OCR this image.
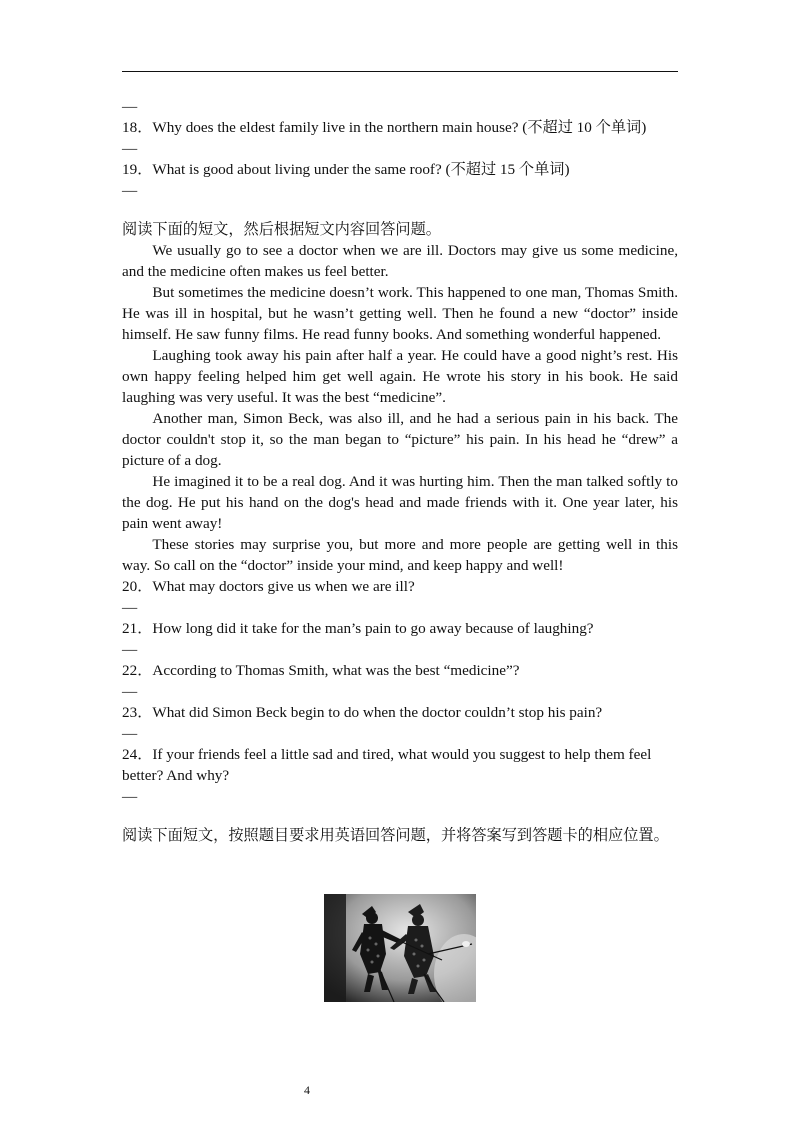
—

18．Why does the eldest family live in the northern main house? (不超过 10 个单词)

—

19．What is good about living under the same roof? (不超过 15 个单词)

—

阅读下面的短文，然后根据短文内容回答问题。

We usually go to see a doctor when we are ill. Doctors may give us some medicine, and the medicine often makes us feel better.

But sometimes the medicine doesn’t work. This happened to one man, Thomas Smith. He was ill in hospital, but he wasn’t getting well. Then he found a new “doctor” inside himself. He saw funny films. He read funny books. And something wonderful happened.

Laughing took away his pain after half a year. He could have a good night’s rest. His own happy feeling helped him get well again. He wrote his story in his book. He said laughing was very useful. It was the best “medicine”.

Another man, Simon Beck, was also ill, and he had a serious pain in his back. The doctor couldn't stop it, so the man began to “picture” his pain. In his head he “drew” a picture of a dog.

He imagined it to be a real dog. And it was hurting him. Then the man talked softly to the dog. He put his hand on the dog's head and made friends with it. One year later, his pain went away!

These stories may surprise you, but more and more people are getting well in this way. So call on the “doctor” inside your mind, and keep happy and well!

20．What may doctors give us when we are ill?

—

21．How long did it take for the man’s pain to go away because of laughing?

—

22．According to Thomas Smith, what was the best “medicine”?

—

23．What did Simon Beck begin to do when the doctor couldn’t stop his pain?

—

24．If your friends feel a little sad and tired, what would you suggest to help them feel better? And why?

—

阅读下面短文，按照题目要求用英语回答问题，并将答案写到答题卡的相应位置。

4
